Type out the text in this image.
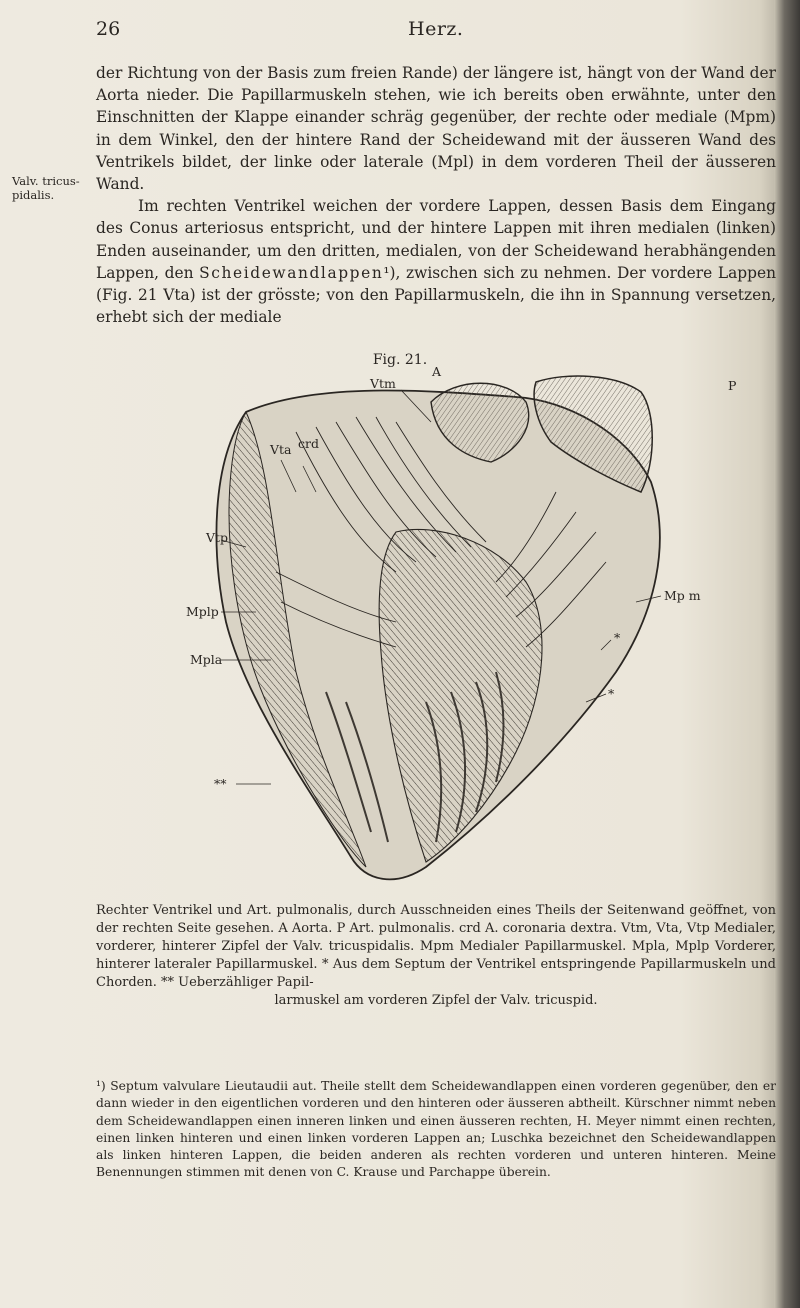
26	Herz.
Valv. tricus-
pidalis.

der Richtung von der Basis zum freien Rande) der längere ist, hängt von der Wand der Aorta nieder. Die Papillarmuskeln stehen, wie ich bereits oben erwähnte, unter den Einschnitten der Klappe einander schräg gegenüber, der rechte oder mediale (Mpm) in dem Winkel, den der hintere Rand der Scheidewand mit der äusseren Wand des Ventrikels bildet, der linke oder laterale (Mpl) in dem vorderen Theil der äusseren Wand.

Im rechten Ventrikel weichen der vordere Lappen, dessen Basis dem Eingang des Conus arteriosus entspricht, und der hintere Lappen mit ihren medialen (linken) Enden auseinander, um den dritten, medialen, von der Scheidewand herabhängenden Lappen, den Scheidewandlappen¹), zwischen sich zu nehmen. Der vordere Lappen (Fig. 21 Vta) ist der grösste; von den Papillarmuskeln, die ihn in Spannung versetzen, erhebt sich der mediale

Fig. 21.
A
Vta crd
Vtm	P
Vtp
Mp m
Mplp
Mpla
*
*
**
Rechter Ventrikel und Art. pulmonalis, durch Ausschneiden eines Theils der Seitenwand geöffnet, von der rechten Seite gesehen. A Aorta. P Art. pulmonalis. crd A. coronaria dextra. Vtm, Vta, Vtp Medialer, vorderer, hinterer Zipfel der Valv. tricuspidalis. Mpm Medialer Papillarmuskel. Mpla, Mplp Vorderer, hinterer lateraler Papillarmuskel. * Aus dem Septum der Ventrikel entspringende Papillarmuskeln und Chorden. ** Ueberzähliger Papil-
larmuskel am vorderen Zipfel der Valv. tricuspid.
¹) Septum valvulare Lieutaudii aut. Theile stellt dem Scheidewandlappen einen vorderen gegenüber, den er dann wieder in den eigentlichen vorderen und den hinteren oder äusseren abtheilt. Kürschner nimmt neben dem Scheidewandlappen einen inneren linken und einen äusseren rechten, H. Meyer nimmt einen rechten, einen linken hinteren und einen linken vorderen Lappen an; Luschka bezeichnet den Scheidewandlappen als linken hinteren Lappen, die beiden anderen als rechten vorderen und unteren hinteren. Meine Benennungen stimmen mit denen von C. Krause und Parchappe überein.
